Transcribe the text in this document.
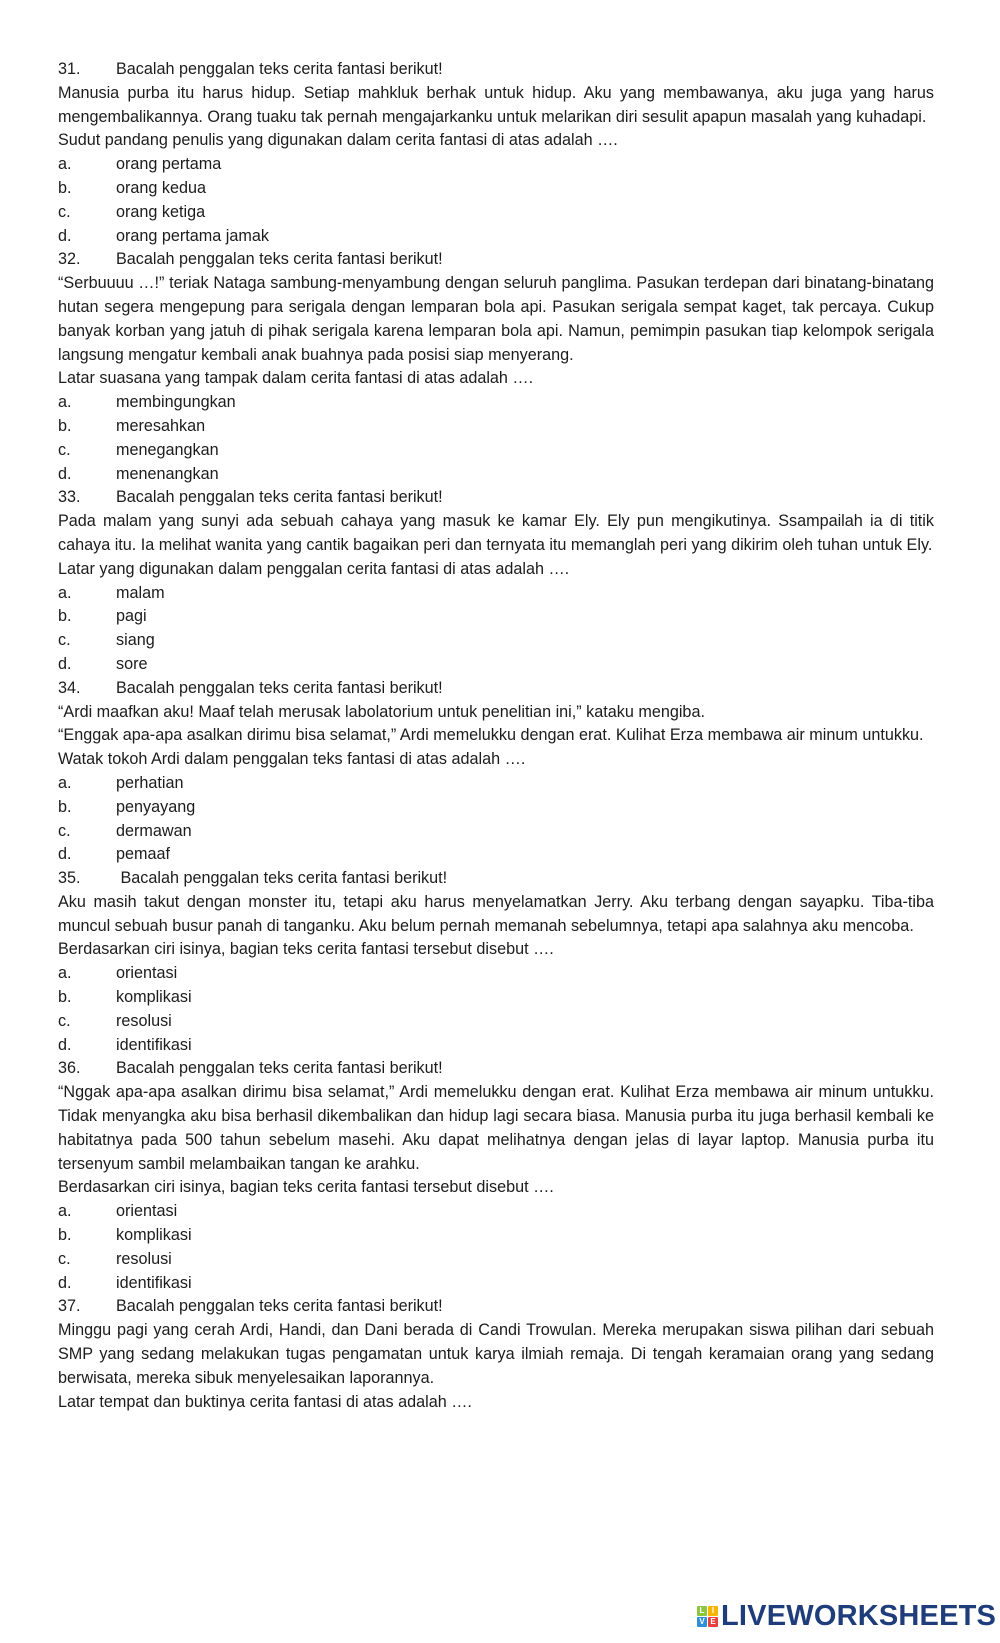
31.	Bacalah penggalan teks cerita fantasi berikut!
Manusia purba itu harus hidup. Setiap mahkluk berhak untuk hidup. Aku yang membawanya, aku juga yang harus mengembalikannya. Orang tuaku tak pernah mengajarkanku untuk melarikan diri sesulit apapun masalah yang kuhadapi.
Sudut pandang penulis yang digunakan dalam cerita fantasi di atas adalah ….
a.	orang pertama
b.	orang kedua
c.	orang ketiga
d.	orang pertama jamak
32.	Bacalah penggalan teks cerita fantasi berikut!
“Serbuuuu …!” teriak Nataga sambung-menyambung dengan seluruh panglima. Pasukan terdepan dari binatang-binatang hutan segera mengepung para serigala dengan lemparan bola api. Pasukan serigala sempat kaget, tak percaya. Cukup banyak korban yang jatuh di pihak serigala karena lemparan bola api. Namun, pemimpin pasukan tiap kelompok serigala langsung mengatur kembali anak buahnya pada posisi siap menyerang.
Latar suasana yang tampak dalam cerita fantasi di atas adalah ….
a.	membingungkan
b.	meresahkan
c.	menegangkan
d.	menenangkan
33.	Bacalah penggalan teks cerita fantasi berikut!
Pada malam yang sunyi ada sebuah cahaya yang masuk ke kamar Ely. Ely pun mengikutinya. Ssampailah ia di titik cahaya itu. Ia melihat wanita yang cantik bagaikan peri dan ternyata itu memanglah peri yang dikirim oleh tuhan untuk Ely.
Latar yang digunakan dalam penggalan cerita fantasi di atas adalah ….
a.	malam
b.	pagi
c.	siang
d.	sore
34.	Bacalah penggalan teks cerita fantasi berikut!
“Ardi maafkan aku! Maaf telah merusak labolatorium untuk penelitian ini,” kataku mengiba.
“Enggak apa-apa asalkan dirimu bisa selamat,” Ardi memelukku dengan erat. Kulihat Erza membawa air minum untukku.
Watak tokoh Ardi dalam penggalan teks fantasi di atas adalah ….
a.	perhatian
b.	penyayang
c.	dermawan
d.	pemaaf
35.	Bacalah penggalan teks cerita fantasi berikut!
Aku masih takut dengan monster itu, tetapi aku harus menyelamatkan Jerry. Aku terbang dengan sayapku. Tiba-tiba muncul sebuah busur panah di tanganku. Aku belum pernah memanah sebelumnya, tetapi apa salahnya aku mencoba.
Berdasarkan ciri isinya, bagian teks cerita fantasi tersebut disebut ….
a.	orientasi
b.	komplikasi
c.	resolusi
d.	identifikasi
36.	Bacalah penggalan teks cerita fantasi berikut!
“Nggak apa-apa asalkan dirimu bisa selamat,” Ardi memelukku dengan erat. Kulihat Erza membawa air minum untukku. Tidak menyangka aku bisa berhasil dikembalikan dan hidup lagi secara biasa. Manusia purba itu juga berhasil kembali ke habitatnya pada 500 tahun sebelum masehi. Aku dapat melihatnya dengan jelas di layar laptop. Manusia purba itu tersenyum sambil melambaikan tangan ke arahku.
Berdasarkan ciri isinya, bagian teks cerita fantasi tersebut disebut ….
a.	orientasi
b.	komplikasi
c.	resolusi
d.	identifikasi
37.	Bacalah penggalan teks cerita fantasi berikut!
Minggu pagi yang cerah Ardi, Handi, dan Dani berada di Candi Trowulan. Mereka merupakan siswa pilihan dari sebuah SMP yang sedang melakukan tugas pengamatan untuk karya ilmiah remaja. Di tengah keramaian orang yang sedang berwisata, mereka sibuk menyelesaikan laporannya.
Latar tempat dan buktinya cerita fantasi di atas adalah ….
L I
V E LIVEWORKSHEETS
